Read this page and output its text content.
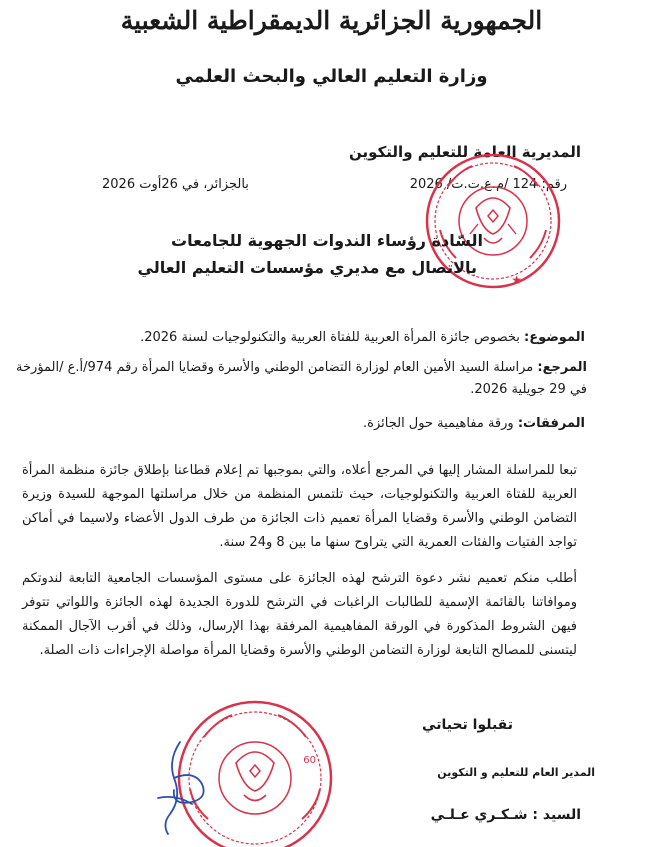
الجمهورية الجزائرية الديمقراطية الشعبية
وزارة التعليم العالي والبحث العلمي
المديرية العامة للتعليم والتكوين
رقم: 124 /م.ع.ت.ت/ 2026
بالجزائر، في 26أوت 2026
★
السّادة رؤساء الندوات الجهوية للجامعات
بالاتصال مع مديري مؤسسات التعليم العالي
الموضوع: بخصوص جائزة المرأة العربية للفتاة العربية والتكنولوجيات لسنة 2026.
المرجع: مراسلة السيد الأمين العام لوزارة التضامن الوطني والأسرة وقضايا المرأة رقم 974/أ.ع /المؤرخة في 29 جويلية 2026.
المرفقات: ورقة مفاهيمية حول الجائزة.
تبعا للمراسلة المشار إليها في المرجع أعلاه، والتي بموجبها تم إعلام قطاعنا بإطلاق جائزة منظمة المرأة العربية للفتاة العربية والتكنولوجيات، حيث تلتمس المنظمة من خلال مراسلتها الموجهة للسيدة وزيرة التضامن الوطني والأسرة وقضايا المرأة تعميم ذات الجائزة من طرف الدول الأعضاء ولاسيما في أماكن تواجد الفتيات والفئات العمرية التي يتراوح سنها ما بين 8 و24 سنة.
أطلب منكم تعميم نشر دعوة الترشح لهذه الجائزة على مستوى المؤسسات الجامعية التابعة لندوتكم وموافاتنا بالقائمة الإسمية للطالبات الراغبات في الترشح للدورة الجديدة لهذه الجائزة واللواتي تتوفر فيهن الشروط المذكورة في الورقة المفاهيمية المرفقة بهذا الإرسال، وذلك في أقرب الآجال الممكنة ليتسنى للمصالح التابعة لوزارة التضامن الوطني والأسرة وقضايا المرأة مواصلة الإجراءات ذات الصلة.
تقبلوا تحياتي
60
المدير العام للتعليم و التكوين
السيد : شـكـري عـلـي
